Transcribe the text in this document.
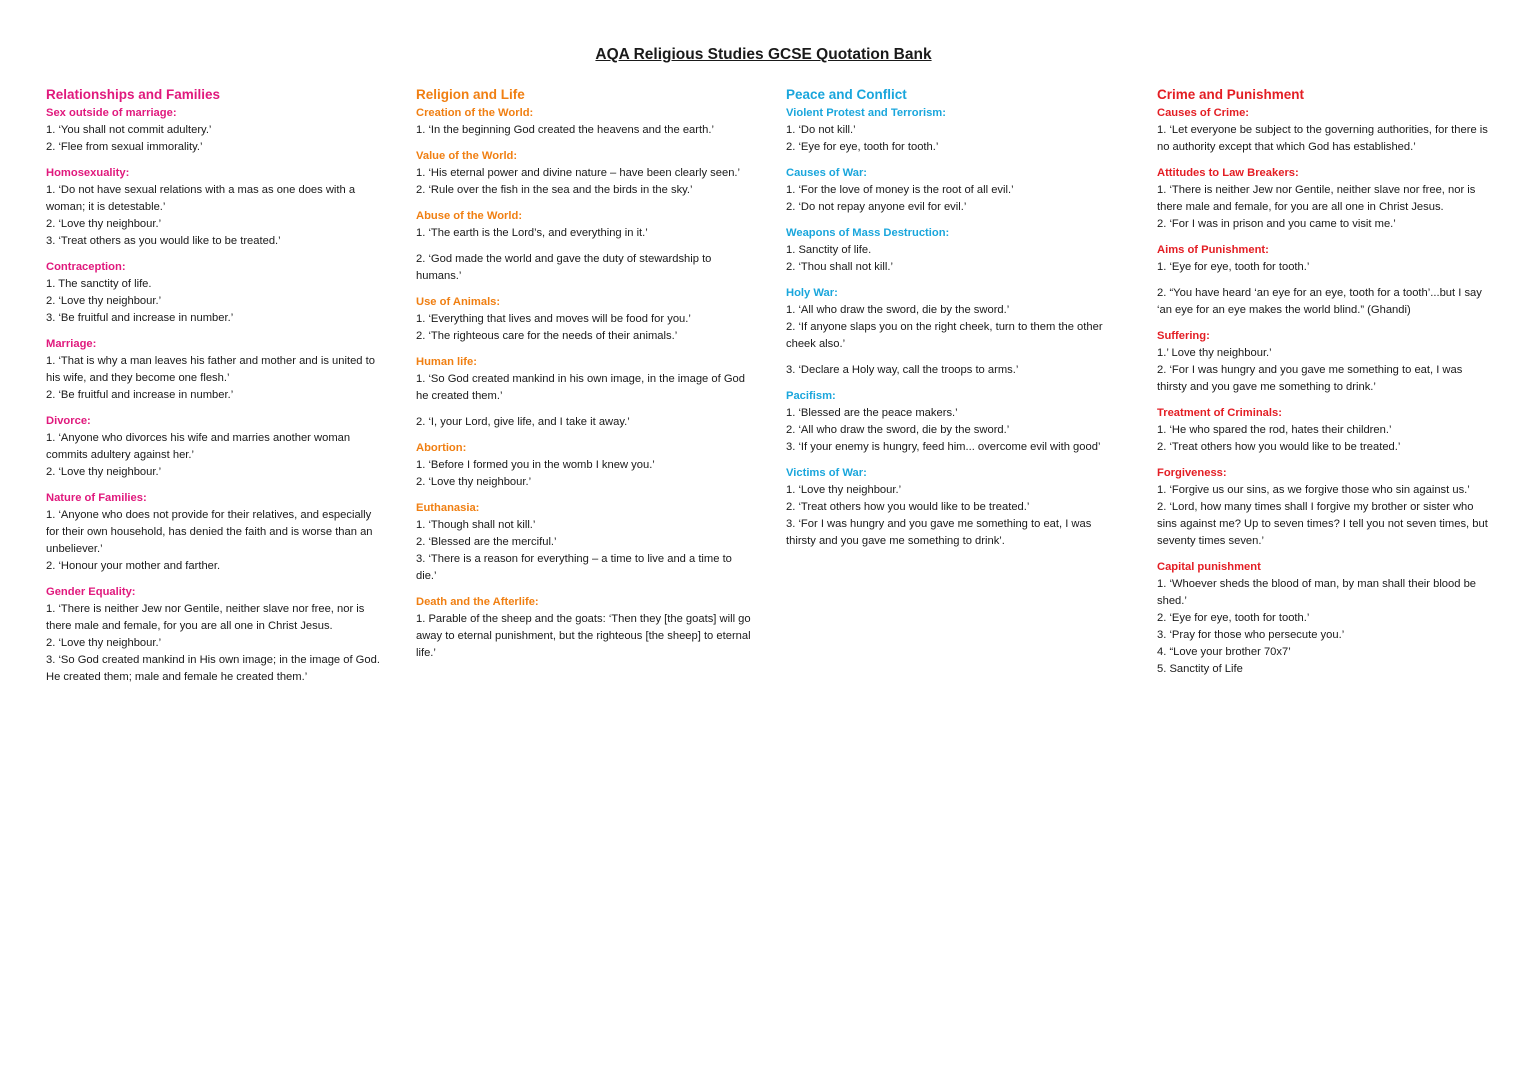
AQA Religious Studies GCSE Quotation Bank
Relationships and Families
Sex outside of marriage:
1. ‘You shall not commit adultery.’
2. ‘Flee from sexual immorality.’
Homosexuality:
1. ‘Do not have sexual relations with a mas as one does with a woman; it is detestable.’
2. ‘Love thy neighbour.’
3. ‘Treat others as you would like to be treated.’
Contraception:
1. The sanctity of life.
2. ‘Love thy neighbour.’
3. ‘Be fruitful and increase in number.’
Marriage:
1. ‘That is why a man leaves his father and mother and is united to his wife, and they become one flesh.’
2. ‘Be fruitful and increase in number.’
Divorce:
1. ‘Anyone who divorces his wife and marries another woman commits adultery against her.’
2. ‘Love thy neighbour.’
Nature of Families:
1. ‘Anyone who does not provide for their relatives, and especially for their own household, has denied the faith and is worse than an unbeliever.’
2. ‘Honour your mother and farther.
Gender Equality:
1. ‘There is neither Jew nor Gentile, neither slave nor free, nor is there male and female, for you are all one in Christ Jesus.
2. ‘Love thy neighbour.’
3. ‘So God created mankind in His own image; in the image of God. He created them; male and female he created them.’
Religion and Life
Creation of the World:
1. ‘In the beginning God created the heavens and the earth.’
Value of the World:
1. ‘His eternal power and divine nature – have been clearly seen.’
2. ‘Rule over the fish in the sea and the birds in the sky.’
Abuse of the World:
1. ‘The earth is the Lord’s, and everything in it.’
2. ‘God made the world and gave the duty of stewardship to humans.’
Use of Animals:
1. ‘Everything that lives and moves will be food for you.’
2. ‘The righteous care for the needs of their animals.’
Human life:
1. ‘So God created mankind in his own image, in the image of God he created them.’
2. ‘I, your Lord, give life, and I take it away.’
Abortion:
1. ‘Before I formed you in the womb I knew you.’
2. ‘Love thy neighbour.’
Euthanasia:
1. ‘Though shall not kill.’
2. ‘Blessed are the merciful.’
3. ‘There is a reason for everything – a time to live and a time to die.’
Death and the Afterlife:
1. Parable of the sheep and the goats: ‘Then they [the goats] will go away to eternal punishment, but the righteous [the sheep] to eternal life.’
Peace and Conflict
Violent Protest and Terrorism:
1. ‘Do not kill.’
2. ‘Eye for eye, tooth for tooth.’
Causes of War:
1. ‘For the love of money is the root of all evil.’
2. ‘Do not repay anyone evil for evil.’
Weapons of Mass Destruction:
1. Sanctity of life.
2. ‘Thou shall not kill.’
Holy War:
1. ‘All who draw the sword, die by the sword.’
2. ‘If anyone slaps you on the right cheek, turn to them the other cheek also.’
3. ‘Declare a Holy way, call the troops to arms.’
Pacifism:
1. ‘Blessed are the peace makers.’
2. ‘All who draw the sword, die by the sword.’
3. ‘If your enemy is hungry, feed him... overcome evil with good’
Victims of War:
1. ‘Love thy neighbour.’
2. ‘Treat others how you would like to be treated.’
3. ‘For I was hungry and you gave me something to eat, I was thirsty and you gave me something to drink’.
Crime and Punishment
Causes of Crime:
1. ‘Let everyone be subject to the governing authorities, for there is no authority except that which God has established.’
Attitudes to Law Breakers:
1. ‘There is neither Jew nor Gentile, neither slave nor free, nor is there male and female, for you are all one in Christ Jesus.
2. ‘For I was in prison and you came to visit me.’
Aims of Punishment:
1. ‘Eye for eye, tooth for tooth.’
2. “You have heard ‘an eye for an eye, tooth for a tooth’...but I say ‘an eye for an eye makes the world blind.” (Ghandi)
Suffering:
1.’ Love thy neighbour.’
2. ‘For I was hungry and you gave me something to eat, I was thirsty and you gave me something to drink.’
Treatment of Criminals:
1. ‘He who spared the rod, hates their children.’
2. ‘Treat others how you would like to be treated.’
Forgiveness:
1. ‘Forgive us our sins, as we forgive those who sin against us.’
2. ‘Lord, how many times shall I forgive my brother or sister who sins against me? Up to seven times? I tell you not seven times, but seventy times seven.’
Capital punishment
1. ‘Whoever sheds the blood of man, by man shall their blood be shed.’
2. ‘Eye for eye, tooth for tooth.’
3. ‘Pray for those who persecute you.’
4. “Love your brother 70x7’
5. Sanctity of Life
